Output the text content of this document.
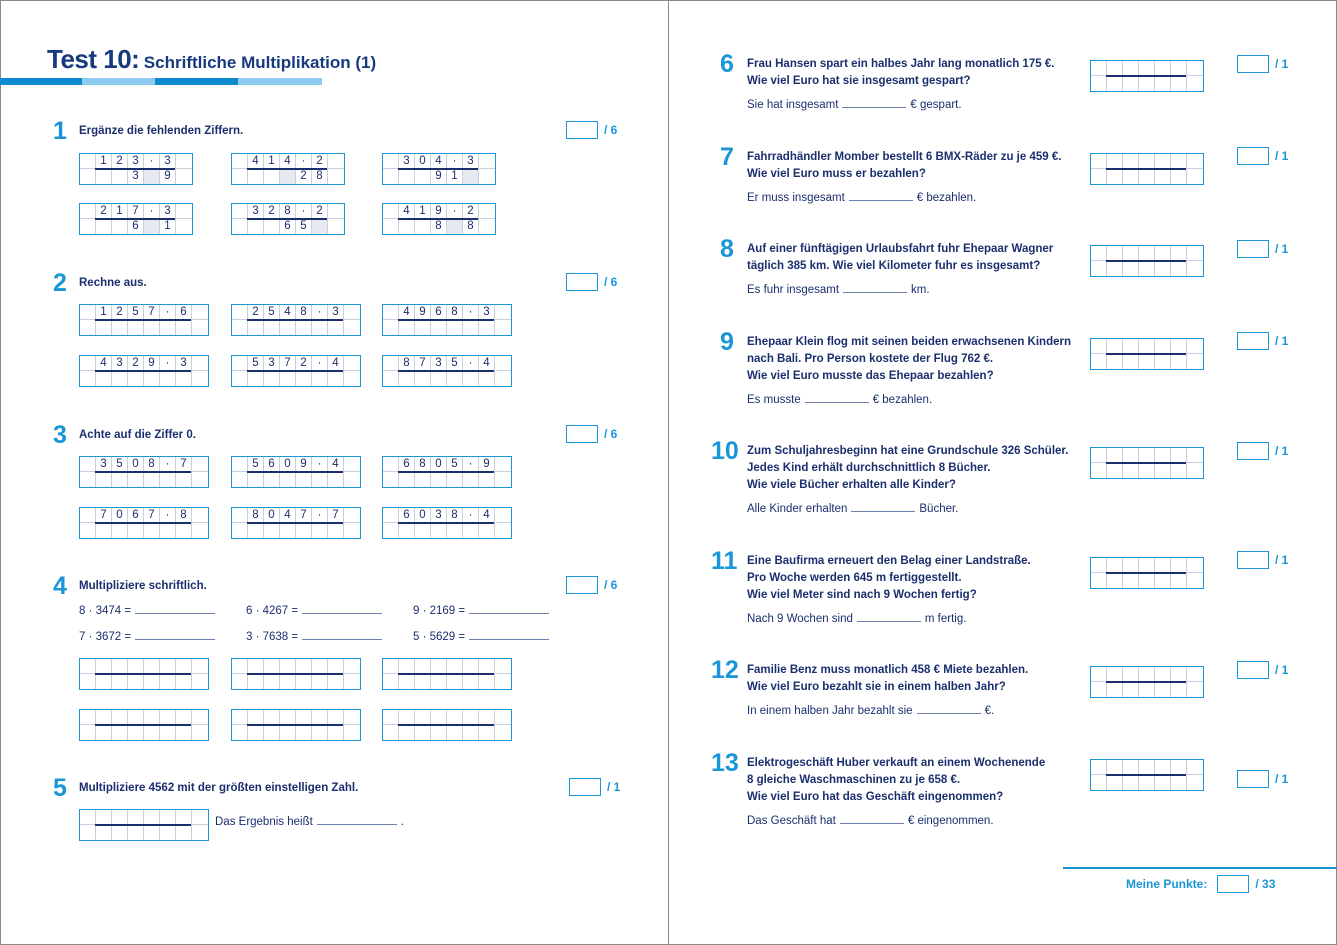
Test 10: Schriftliche Multiplikation (1)
1 Ergänze die fehlenden Ziffern.	/ 6
1 2 3 · 3
3	9
4 1 4 · 2
2 8
3 0 4 · 3
9 1
2 1 7 · 3
6	1
3 2 8 · 2
6 5
4 1 9 · 2
8	8
2 Rechne aus.	/ 6
1 2 5 7 · 6	2 5 4 8 · 3	4 9 6 8 · 3
4 3 2 9 · 3	5 3 7 2 · 4	8 7 3 5 · 4
3 Achte auf die Ziffer 0.	/ 6
3 5 0 8 · 7	5 6 0 9 · 4	6 8 0 5 · 9
7 0 6 7 · 8	8 0 4 7 · 7	6 0 3 8 · 4
4 Multipliziere schriftlich.	/ 6
8 · 3474 =	6 · 4267 =	9 · 2169 =
7 · 3672 =	3 · 7638 =	5 · 5629 =
5 Multipliziere 4562 mit der größten einstelligen Zahl.	/ 1
Das Ergebnis heißt	.
6 Frau Hansen spart ein halbes Jahr lang monatlich 175 €.
Wie viel Euro hat sie insgesamt gespart?
Sie hat insgesamt	€ gespart.
/ 1
7 Fahrradhändler Momber bestellt 6 BMX-Räder zu je 459 €.
Wie viel Euro muss er bezahlen?
Er muss insgesamt	€ bezahlen.
/ 1
8 Auf einer fünftägigen Urlaubsfahrt fuhr Ehepaar Wagner
täglich 385 km. Wie viel Kilometer fuhr es insgesamt?
Es fuhr insgesamt	km.
/ 1
9 Ehepaar Klein flog mit seinen beiden erwachsenen Kindern
nach Bali. Pro Person kostete der Flug 762 €.
Wie viel Euro musste das Ehepaar bezahlen?
Es musste	€ bezahlen.
/ 1
10 Zum Schuljahresbeginn hat eine Grundschule 326 Schüler.
Jedes Kind erhält durchschnittlich 8 Bücher.
Wie viele Bücher erhalten alle Kinder?
Alle Kinder erhalten	Bücher.
/ 1
11 Eine Baufirma erneuert den Belag einer Landstraße.
Pro Woche werden 645 m fertiggestellt.
Wie viel Meter sind nach 9 Wochen fertig?
Nach 9 Wochen sind	m fertig.
/ 1
12 Familie Benz muss monatlich 458 € Miete bezahlen.
Wie viel Euro bezahlt sie in einem halben Jahr?
In einem halben Jahr bezahlt sie	€.
/ 1
13 Elektrogeschäft Huber verkauft an einem Wochenende
8 gleiche Waschmaschinen zu je 658 €.
Wie viel Euro hat das Geschäft eingenommen?
Das Geschäft hat	€ eingenommen.
/ 1
Meine Punkte:	/ 33
